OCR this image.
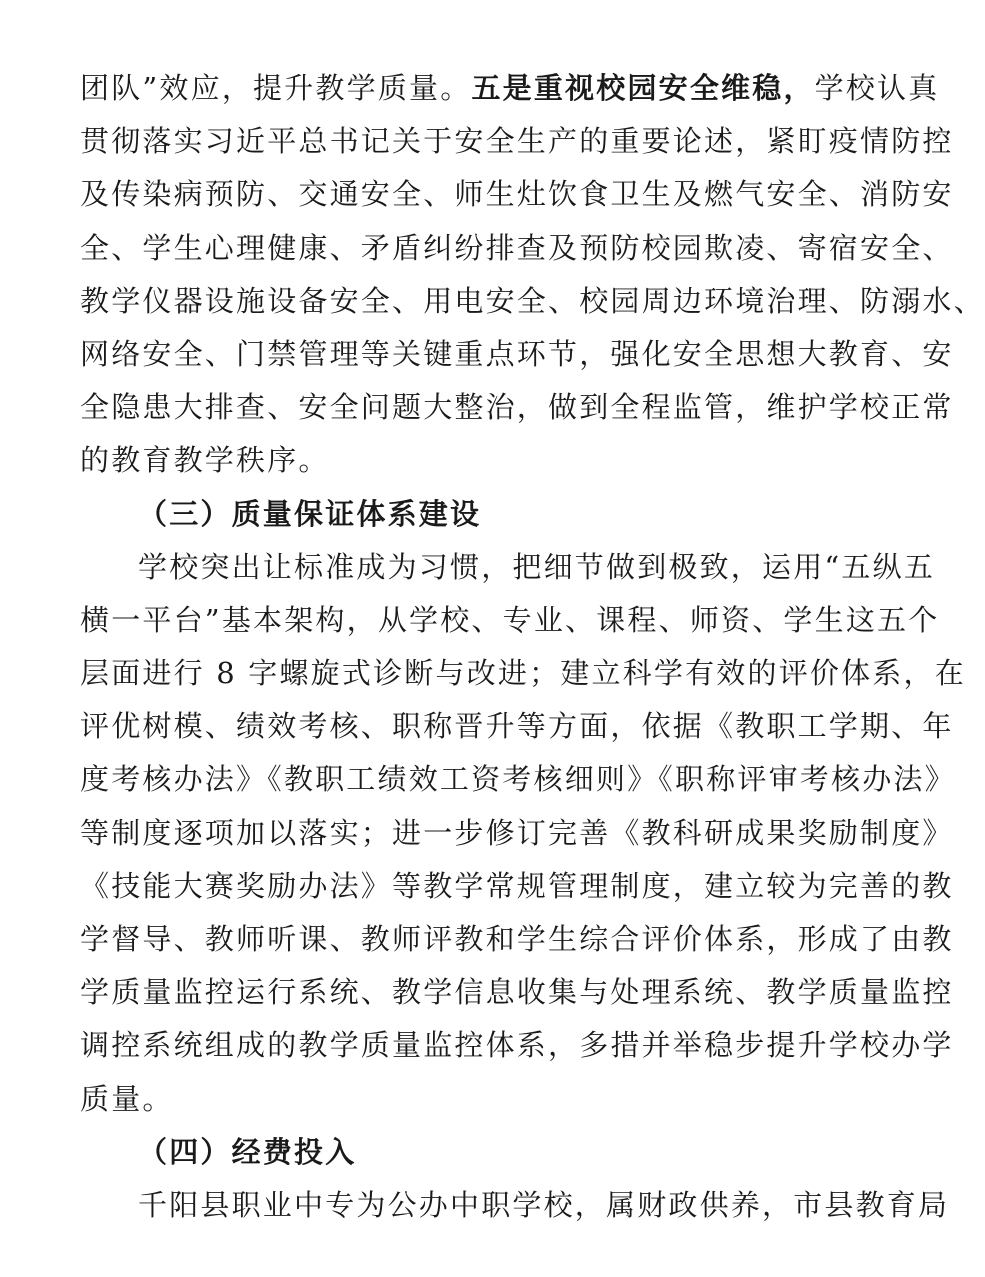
团队”效应，提升教学质量。五是重视校园安全维稳，学校认真
贯彻落实习近平总书记关于安全生产的重要论述，紧盯疫情防控
及传染病预防、交通安全、师生灶饮食卫生及燃气安全、消防安
全、学生心理健康、矛盾纠纷排查及预防校园欺凌、寄宿安全、
教学仪器设施设备安全、用电安全、校园周边环境治理、防溺水、
网络安全、门禁管理等关键重点环节，强化安全思想大教育、安
全隐患大排查、安全问题大整治，做到全程监管，维护学校正常
的教育教学秩序。
（三）质量保证体系建设
学校突出让标准成为习惯，把细节做到极致，运用“五纵五
横一平台”基本架构，从学校、专业、课程、师资、学生这五个
层面进行 8 字螺旋式诊断与改进；建立科学有效的评价体系，在
评优树模、绩效考核、职称晋升等方面，依据《教职工学期、年
度考核办法》《教职工绩效工资考核细则》《职称评审考核办法》
等制度逐项加以落实；进一步修订完善《教科研成果奖励制度》
《技能大赛奖励办法》等教学常规管理制度，建立较为完善的教
学督导、教师听课、教师评教和学生综合评价体系，形成了由教
学质量监控运行系统、教学信息收集与处理系统、教学质量监控
调控系统组成的教学质量监控体系，多措并举稳步提升学校办学
质量。
（四）经费投入
千阳县职业中专为公办中职学校，属财政供养，市县教育局
